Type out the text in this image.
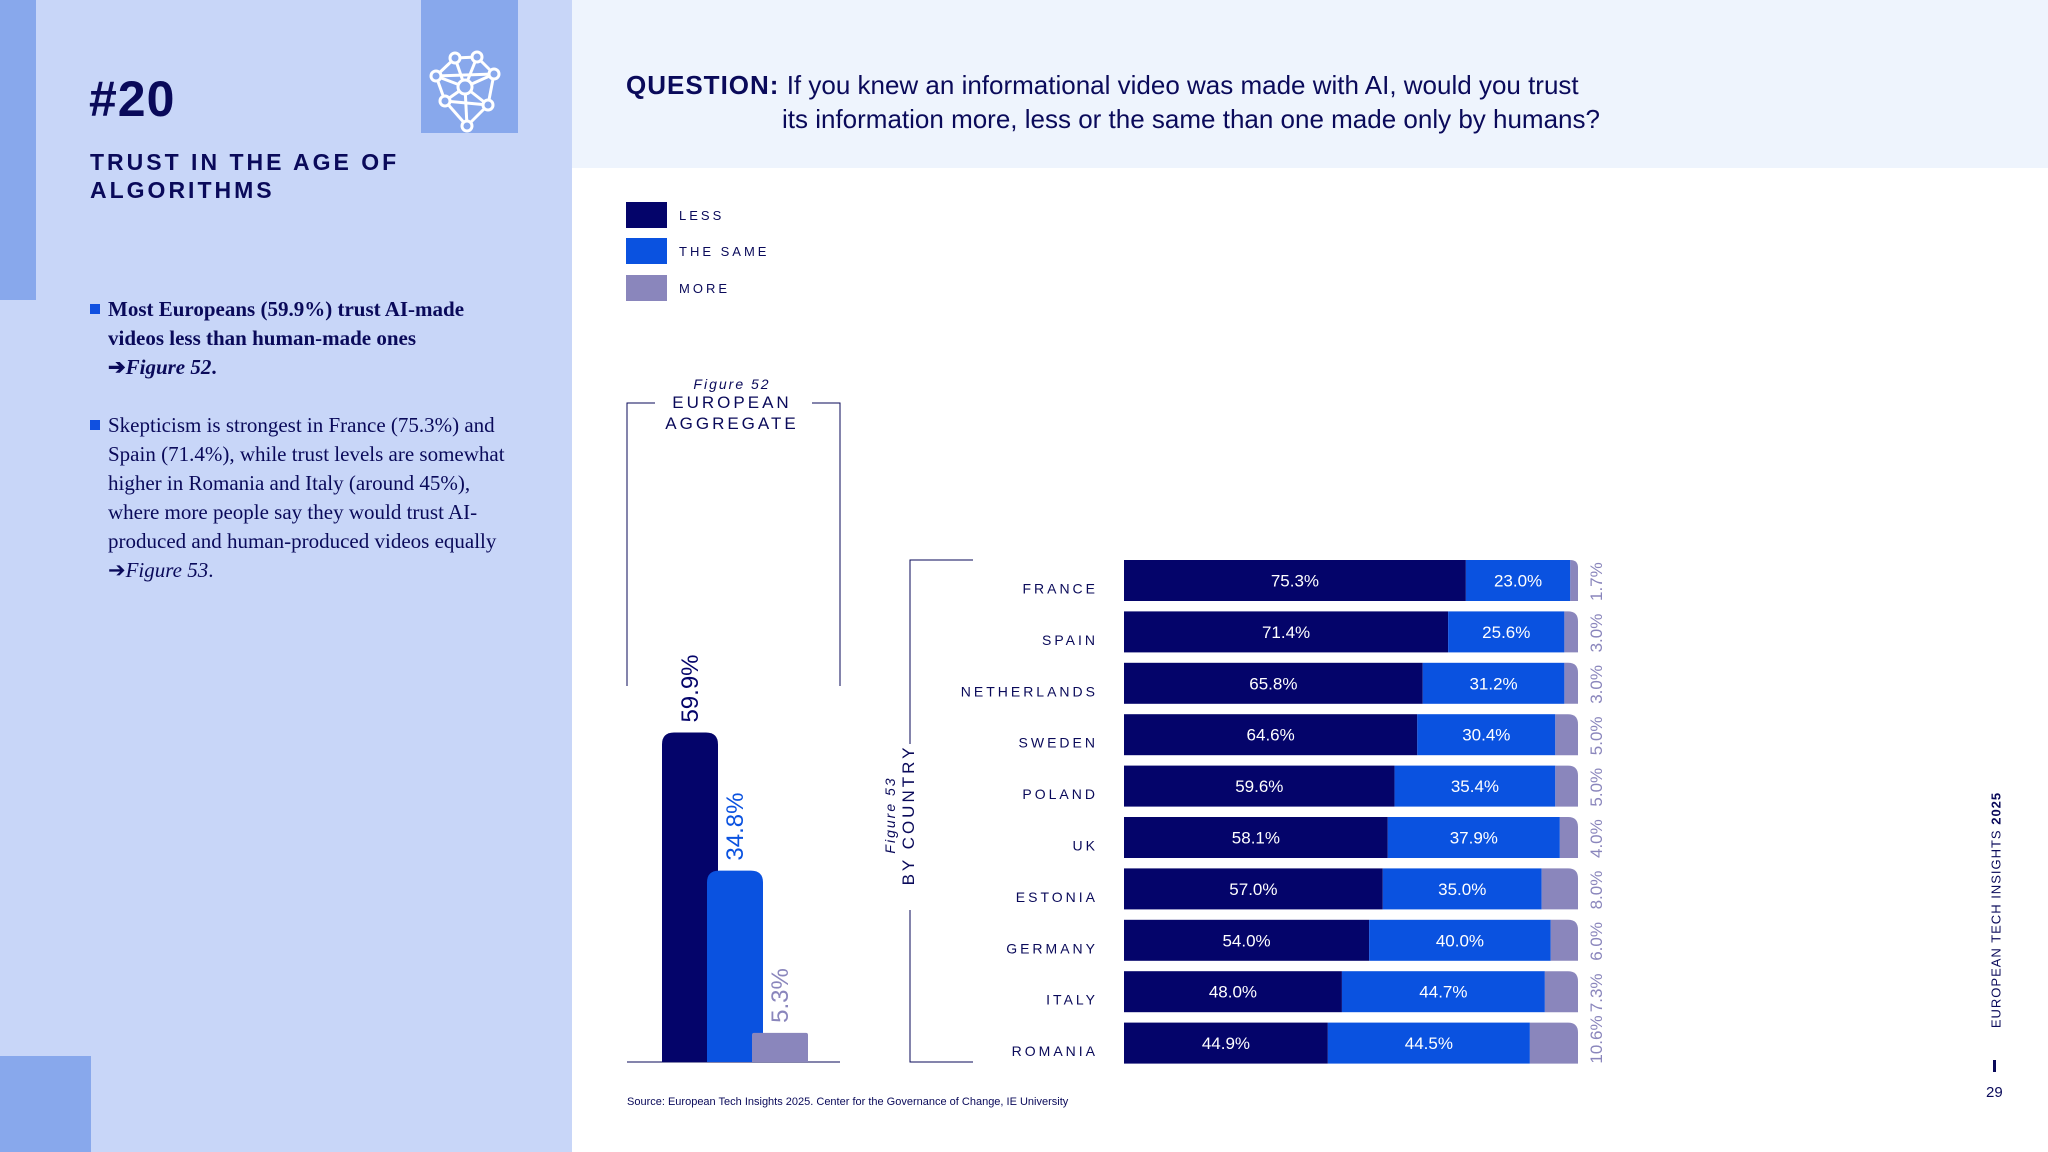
#20
TRUST IN THE AGE OF ALGORITHMS
Most Europeans (59.9%) trust AI-made videos less than human-made ones
➔Figure 52.
Skepticism is strongest in France (75.3%) and Spain (71.4%), while trust levels are somewhat higher in Romania and Italy (around 45%), where more people say they would trust AI-produced and human-produced videos equally ➔Figure 53.
QUESTION: If you knew an informational video was made with AI, would you trust
its information more, less or the same than one made only by humans?
LESS
THE SAME
MORE
Figure 52
EUROPEAN
AGGREGATE
Figure 53 BY COUNTRY
59.9%
34.8%
5.3%
FRANCE	75.3%	23.0%	1.7%
SPAIN	71.4%	25.6%	3.0%
NETHERLANDS	65.8%	31.2%	3.0%
SWEDEN	64.6%	30.4%	5.0%
POLAND	59.6%	35.4%	5.0%
UK	58.1%	37.9%	4.0%
ESTONIA	57.0%	35.0%	8.0%
GERMANY	54.0%	40.0%	6.0%
ITALY	48.0%	44.7%	7.3%
ROMANIA	44.9%	44.5%	10.6%
Source: European Tech Insights 2025. Center for the Governance of Change, IE University
EUROPEAN TECH INSIGHTS 2025
29
